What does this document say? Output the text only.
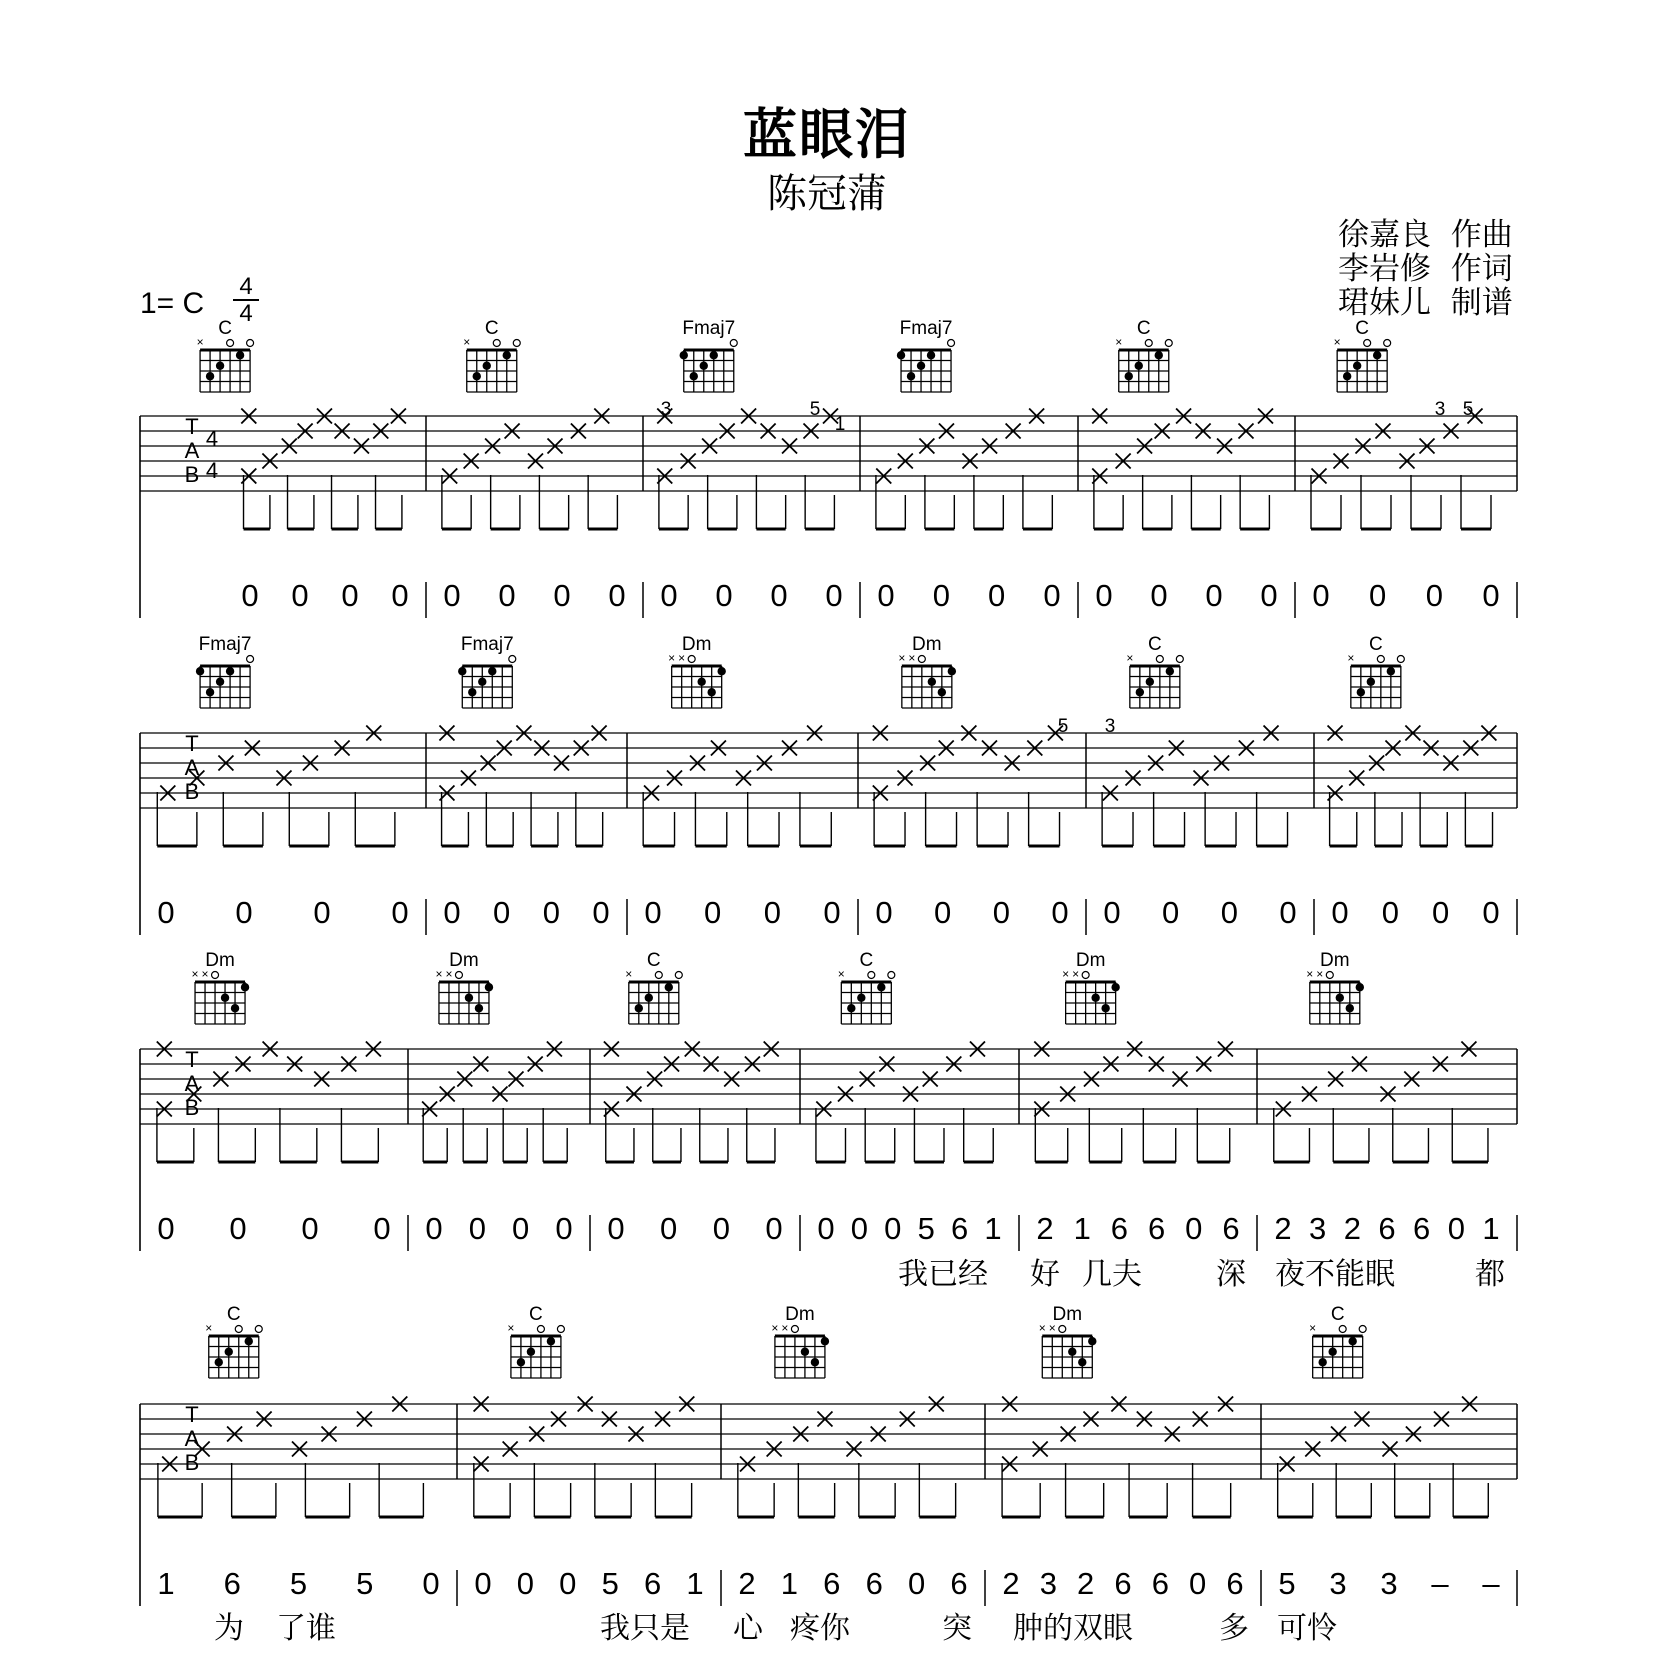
蓝眼泪
陈冠蒲
徐嘉良  作曲
李岩修  作词
珺妹儿  制谱
1= C
4
4
T
A
B
4
4
C
×
0 0 0 0
C
×
0 0 0 0
Fmaj7
0 0 0 0
Fmaj7
0 0 0 0
C
×
0 0 0 0
C
×
0 0 0 0
3	5
1
3 5
T
A
B
Fmaj7
0 0 0 0
Fmaj7
0 0 0 0
Dm
× ×
0 0 0 0
Dm
× ×
0 0 0 0
C
×
0 0 0 0
C
×
0 0 0 0
5 3
T
A
B
Dm
× ×
0 0 0 0
Dm
× ×
0 0 0 0
C
×
0 0 0 0
C
×
0 0 0 5 6 1
Dm
× ×
2 1 6 6 0 6
Dm
× ×
2 3 2 6 6 0 1
我已经 好 几夫 深 夜不能眠	都
T
A
B
C
×
1 6 5 5 0
C
×
0 0 0 5 6 1
Dm
× ×
2 1 6 6 0 6
Dm
× ×
2 3 2 6 6 0 6
C
×
5 3 3 – –
为 了谁	我只是 心 疼你	突 肿的双眼	多 可怜
